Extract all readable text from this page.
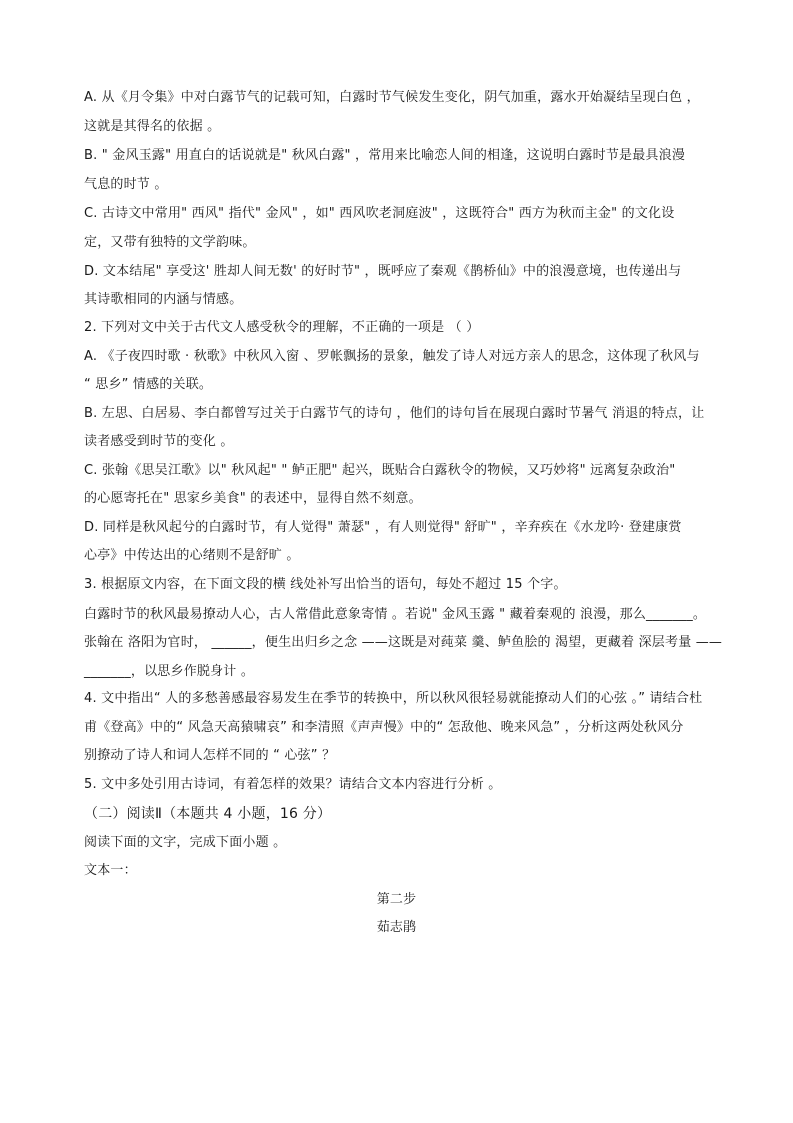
A. 从《月令集》中对白露节气的记载可知，白露时节气候发生变化，阴气加重，露水开始凝结呈现白色 ，
这就是其得名的依据 。
B. " 金风玉露" 用直白的话说就是" 秋风白露" ，常用来比喻恋人间的相逢，这说明白露时节是最具浪漫
气息的时节 。
C. 古诗文中常用" 西风" 指代" 金风" ，如" 西风吹老洞庭波" ，这既符合" 西方为秋而主金" 的文化设
定，又带有独特的文学韵味。
D. 文本结尾" 享受这' 胜却人间无数' 的好时节" ，既呼应了秦观《鹊桥仙》中的浪漫意境，也传递出与
其诗歌相同的内涵与情感。
2. 下列对文中关于古代文人感受秋令的理解，不正确的一项是 （ ）
A. 《子夜四时歌 · 秋歌》中秋风入窗 、罗帐飘扬的景象，触发了诗人对远方亲人的思念，这体现了秋风与
“ 思乡” 情感的关联。
B. 左思、白居易、李白都曾写过关于白露节气的诗句 ，他们的诗句旨在展现白露时节暑气 消退的特点，让
读者感受到时节的变化 。
C. 张翰《思吴江歌》以" 秋风起" " 鲈正肥" 起兴，既贴合白露秋令的物候，又巧妙将" 远离复杂政治"
的心愿寄托在" 思家乡美食" 的表述中，显得自然不刻意。
D. 同样是秋风起兮的白露时节，有人觉得" 萧瑟" ，有人则觉得" 舒旷" ，辛弃疾在《水龙吟· 登建康赏
心亭》中传达出的心绪则不是舒旷 。
3. 根据原文内容，在下面文段的横 线处补写出恰当的语句，每处不超过 15 个字。
白露时节的秋风最易撩动人心，古人常借此意象寄情 。若说" 金风玉露 " 藏着秦观的 浪漫，那么_______。
张翰在 洛阳为官时， ______，便生出归乡之念 ——这既是对莼菜 羹、鲈鱼脍的 渴望，更藏着 深层考量 ——
_______，以思乡作脱身计 。
4. 文中指出“ 人的多愁善感最容易发生在季节的转换中，所以秋风很轻易就能撩动人们的心弦 。” 请结合杜
甫《登高》中的“ 风急天高猿啸哀” 和李清照《声声慢》中的“ 怎敌他、晚来风急” ，分析这两处秋风分
别撩动了诗人和词人怎样不同的 “ 心弦” ？
5. 文中多处引用古诗词，有着怎样的效果？请结合文本内容进行分析 。
（二）阅读Ⅱ（本题共 4 小题，16 分）
阅读下面的文字，完成下面小题 。
文本一：
第二步
茹志鹃
